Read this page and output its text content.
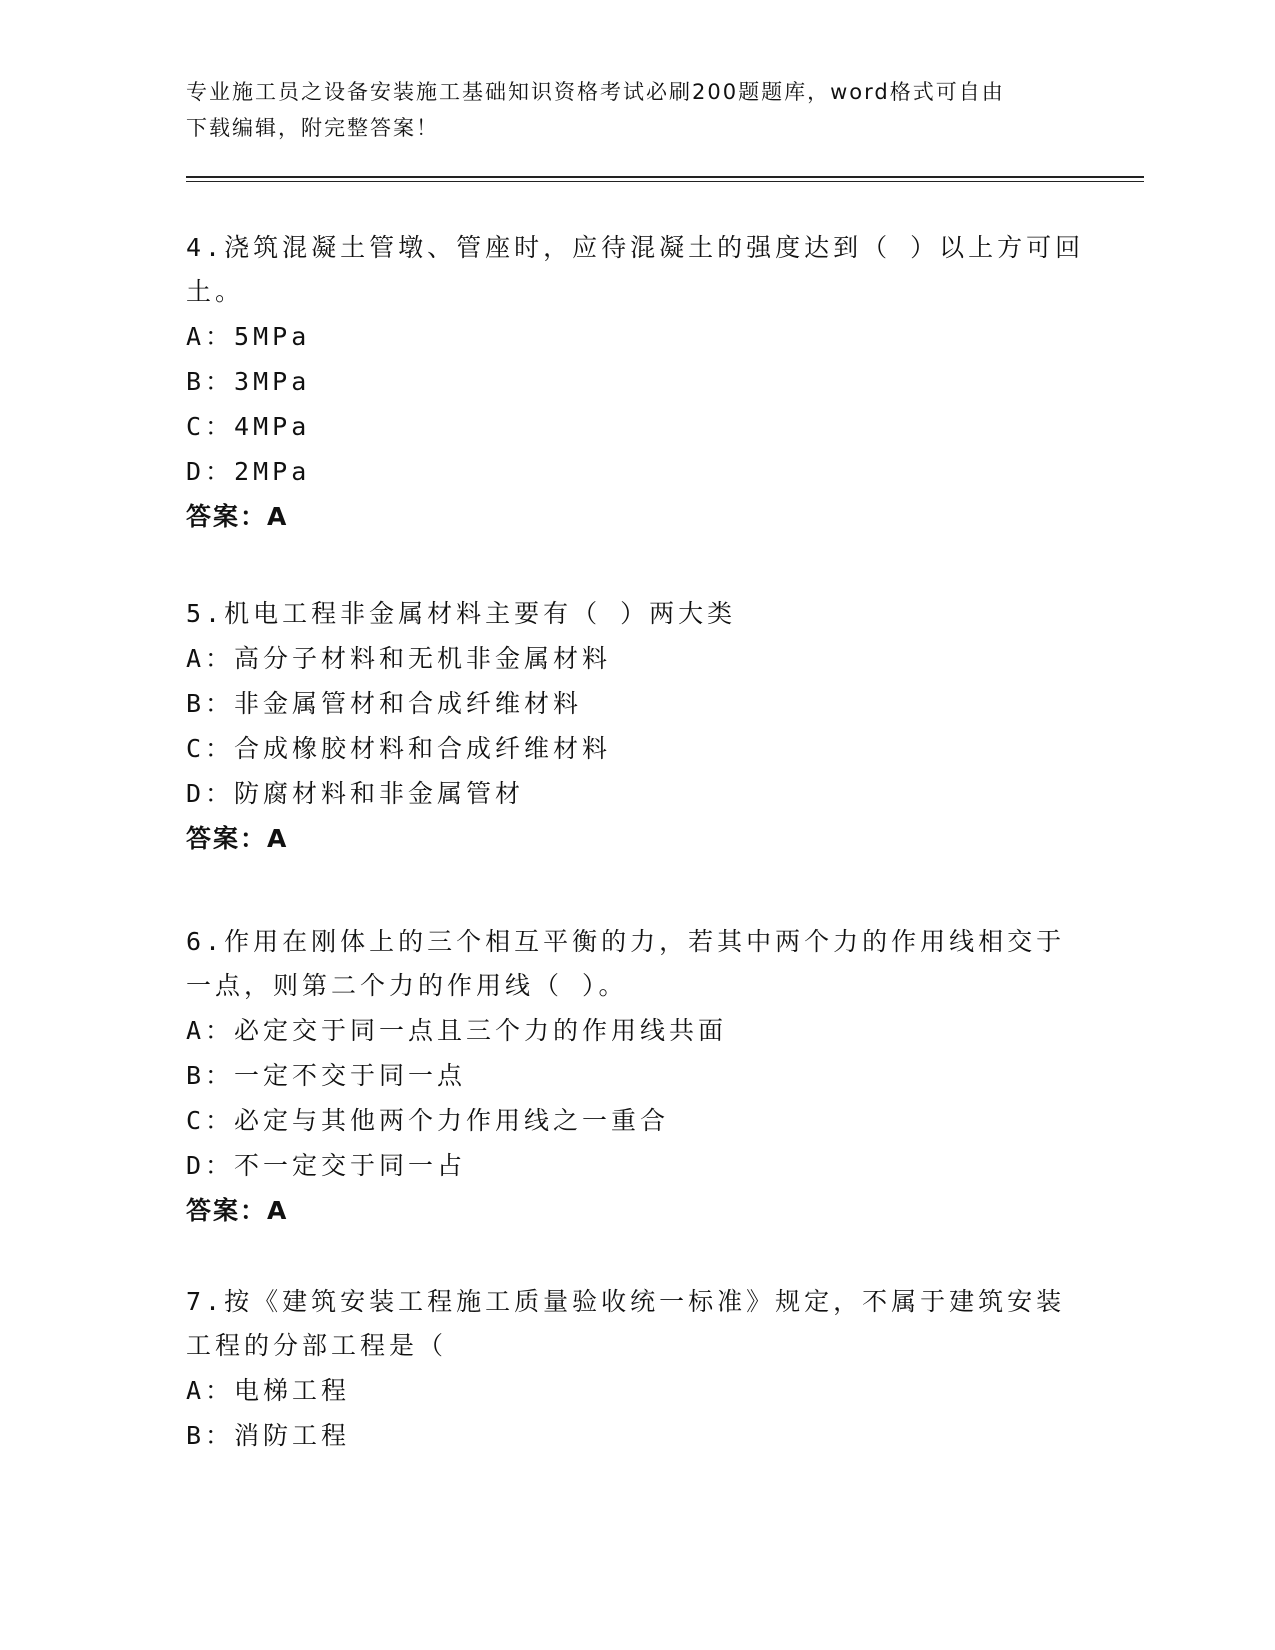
专业施工员之设备安装施工基础知识资格考试必刷200题题库，word格式可自由
下载编辑，附完整答案！

4.浇筑混凝土管墩、管座时，应待混凝土的强度达到（ ）以上方可回

土。

A：5MPa

B：3MPa

C：4MPa

D：2MPa

答案：A

5.机电工程非金属材料主要有（ ）两大类

A：高分子材料和无机非金属材料

B：非金属管材和合成纤维材料

C：合成橡胶材料和合成纤维材料

D：防腐材料和非金属管材

答案：A

6.作用在刚体上的三个相互平衡的力，若其中两个力的作用线相交于

一点，则第二个力的作用线（ ）。

A：必定交于同一点且三个力的作用线共面

B：一定不交于同一点

C：必定与其他两个力作用线之一重合

D：不一定交于同一占

答案：A

7.按《建筑安装工程施工质量验收统一标准》规定，不属于建筑安装

工程的分部工程是（

A：电梯工程

B：消防工程
